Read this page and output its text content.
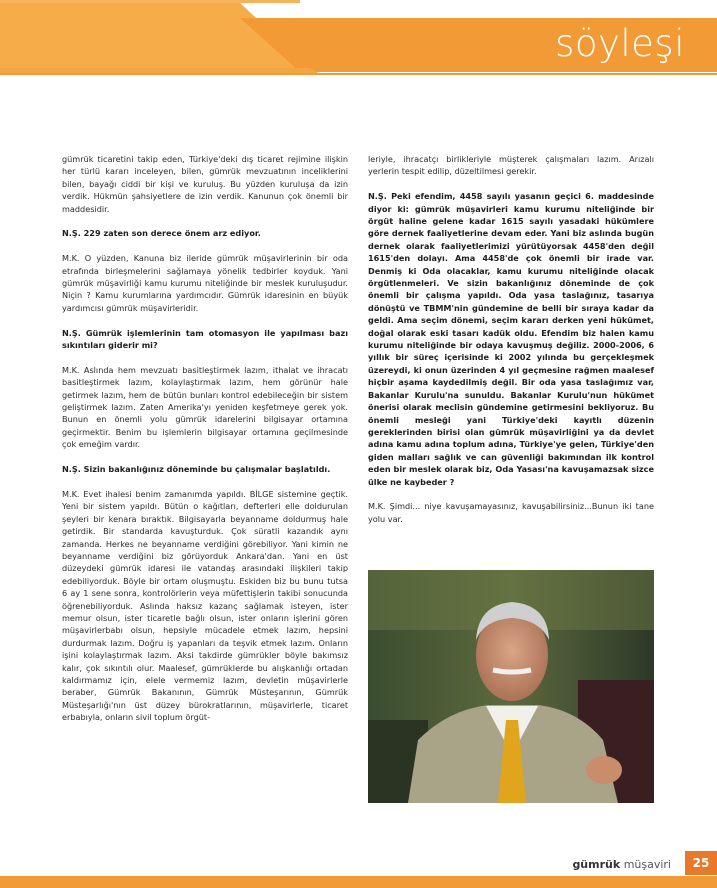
söyleşi

gümrük ticaretini takip eden, Türkiye'deki dış ticaret rejimine ilişkin her türlü kararı inceleyen, bilen, gümrük mevzuatının inceliklerini bilen, bayağı ciddi bir kişi ve kuruluş. Bu yüzden kuruluşa da izin verdik. Hükmün şahsiyetlere de izin verdik. Kanunun çok önemli bir maddesidir.

N.Ş. 229 zaten son derece önem arz ediyor.

M.K. O yüzden, Kanuna biz ileride gümrük müşavirlerinin bir oda etrafında birleşmelerini sağlamaya yönelik tedbirler koyduk. Yani gümrük müşavirliği kamu kurumu niteliğinde bir meslek kuruluşudur. Niçin ? Kamu kurumlarına yardımcıdır. Gümrük idaresinin en büyük yardımcısı gümrük müşavirleridir.

N.Ş. Gümrük işlemlerinin tam otomasyon ile yapılması bazı sıkıntıları giderir mi?

M.K. Aslında hem mevzuatı basitleştirmek lazım, ithalat ve ihracatı basitleştirmek lazım, kolaylaştırmak lazım, hem görünür hale getirmek lazım, hem de bütün bunları kontrol edebileceğin bir sistem geliştirmek lazım. Zaten Amerika'yı yeniden keşfetmeye gerek yok. Bunun en önemli yolu gümrük idarelerini bilgisayar ortamına geçirmektir. Benim bu işlemlerin bilgisayar ortamına geçilmesinde çok emeğim vardır.

N.Ş. Sizin bakanlığınız döneminde bu çalışmalar başlatıldı.

M.K. Evet ihalesi benim zamanımda yapıldı. BİLGE sistemine geçtik. Yeni bir sistem yapıldı. Bütün o kağıtları, defterleri elle doldurulan şeyleri bir kenara bıraktık. Bilgisayarla beyanname doldurmuş hale getirdik. Bir standarda kavuşturduk. Çok süratli kazandık aynı zamanda. Herkes ne beyanname verdiğini görebiliyor. Yani kimin ne beyanname verdiğini biz görüyorduk Ankara'dan. Yani en üst düzeydeki gümrük idaresi ile vatandaş arasındaki ilişkileri takip edebiliyorduk. Böyle bir ortam oluşmuştu. Eskiden biz bu bunu tutsa 6 ay 1 sene sonra, kontrolörlerin veya müfettişlerin takibi sonucunda öğrenebiliyorduk. Aslında haksız kazanç sağlamak isteyen, ister memur olsun, ister ticaretle bağlı olsun, ister onların işlerini gören müşavirlerbabı olsun, hepsiyle mücadele etmek lazım, hepsini durdurmak lazım. Doğru iş yapanları da teşvik etmek lazım. Onların işini kolaylaştırmak lazım. Aksi takdirde gümrükler böyle bakımsız kalır, çok sıkıntılı olur. Maalesef, gümrüklerde bu alışkanlığı ortadan kaldırmamız için, elele vermemiz lazım, devletin müşavirlerle beraber, Gümrük Bakanının, Gümrük Müsteşarının, Gümrük Müsteşarlığı'nın üst düzey bürokratlarının, müşavirlerle, ticaret erbabıyla, onların sivil toplum örgüt-

leriyle, ihracatçı birlikleriyle müşterek çalışmaları lazım. Arızalı yerlerin tespit edilip, düzeltilmesi gerekir.

N.Ş. Peki efendim, 4458 sayılı yasanın geçici 6. maddesinde diyor ki: gümrük müşavirleri kamu kurumu niteliğinde bir örgüt haline gelene kadar 1615 sayılı yasadaki hükümlere göre dernek faaliyetlerine devam eder. Yani biz aslında bugün dernek olarak faaliyetlerimizi yürütüyorsak 4458'den değil 1615'den dolayı. Ama 4458'de çok önemli bir irade var. Denmiş ki Oda olacaklar, kamu kurumu niteliğinde olacak örgütlenmeleri. Ve sizin bakanlığınız döneminde de çok önemli bir çalışma yapıldı. Oda yasa taslağınız, tasarıya dönüştü ve TBMM'nin gündemine de belli bir sıraya kadar da geldi. Ama seçim dönemi, seçim kararı derken yeni hükümet, doğal olarak eski tasarı kadük oldu. Efendim biz halen kamu kurumu niteliğinde bir odaya kavuşmuş değiliz. 2000-2006, 6 yıllık bir süreç içerisinde ki 2002 yılında bu gerçekleşmek üzereydi, ki onun üzerinden 4 yıl geçmesine rağmen maalesef hiçbir aşama kaydedilmiş değil. Bir oda yasa taslağımız var, Bakanlar Kurulu'na sunuldu. Bakanlar Kurulu'nun hükümet önerisi olarak meclisin gündemine getirmesini bekliyoruz. Bu önemli mesleği yani Türkiye'deki kayıtlı düzenin gereklerinden birisi olan gümrük müşavirliğini ya da devlet adına kamu adına toplum adına, Türkiye'ye gelen, Türkiye'den giden malları sağlık ve can güvenliği bakımından ilk kontrol eden bir meslek olarak biz, Oda Yasası'na kavuşamazsak sizce ülke ne kaybeder ?

M.K. Şimdi... niye kavuşamayasınız, kavuşabilirsiniz...Bunun iki tane yolu var.

gümrük müşaviri	25
